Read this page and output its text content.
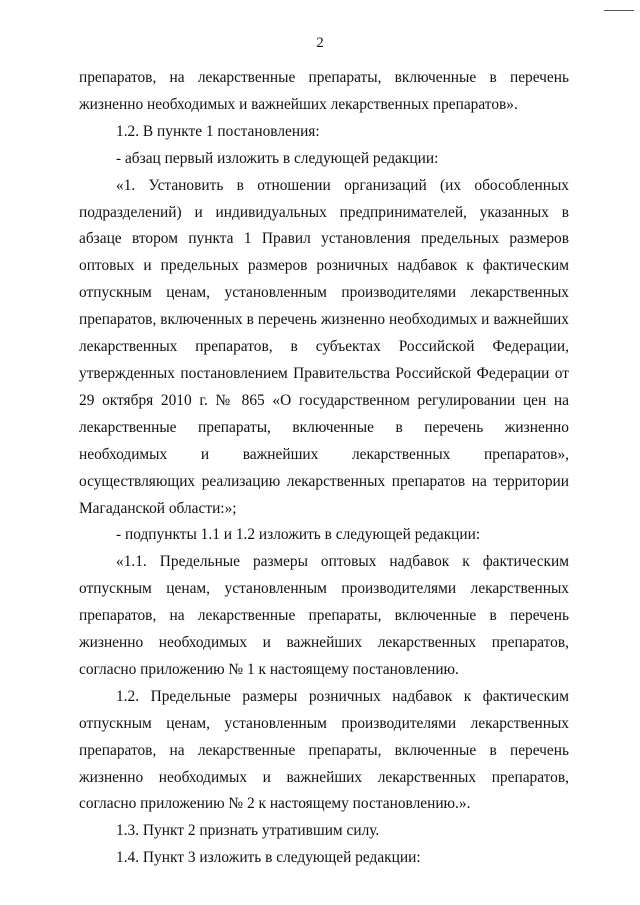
2

препаратов, на лекарственные препараты, включенные в перечень жизненно необходимых и важнейших лекарственных препаратов».

1.2. В пункте 1 постановления:

- абзац первый изложить в следующей редакции:

«1. Установить в отношении организаций (их обособленных подразделений) и индивидуальных предпринимателей, указанных в абзаце втором пункта 1 Правил установления предельных размеров оптовых и предельных размеров розничных надбавок к фактическим отпускным ценам, установленным производителями лекарственных препаратов, включенных в перечень жизненно необходимых и важнейших лекарственных препаратов, в субъектах Российской Федерации, утвержденных постановлением Правительства Российской Федерации от 29 октября 2010 г. № 865 «О государственном регулировании цен на лекарственные препараты, включенные в перечень жизненно необходимых и важнейших лекарственных препаратов», осуществляющих реализацию лекарственных препаратов на территории Магаданской области:»;

- подпункты 1.1 и 1.2 изложить в следующей редакции:

«1.1. Предельные размеры оптовых надбавок к фактическим отпускным ценам, установленным производителями лекарственных препаратов, на лекарственные препараты, включенные в перечень жизненно необходимых и важнейших лекарственных препаратов, согласно приложению № 1 к настоящему постановлению.

1.2. Предельные размеры розничных надбавок к фактическим отпускным ценам, установленным производителями лекарственных препаратов, на лекарственные препараты, включенные в перечень жизненно необходимых и важнейших лекарственных препаратов, согласно приложению № 2 к настоящему постановлению.».

1.3. Пункт 2 признать утратившим силу.

1.4. Пункт 3 изложить в следующей редакции:
